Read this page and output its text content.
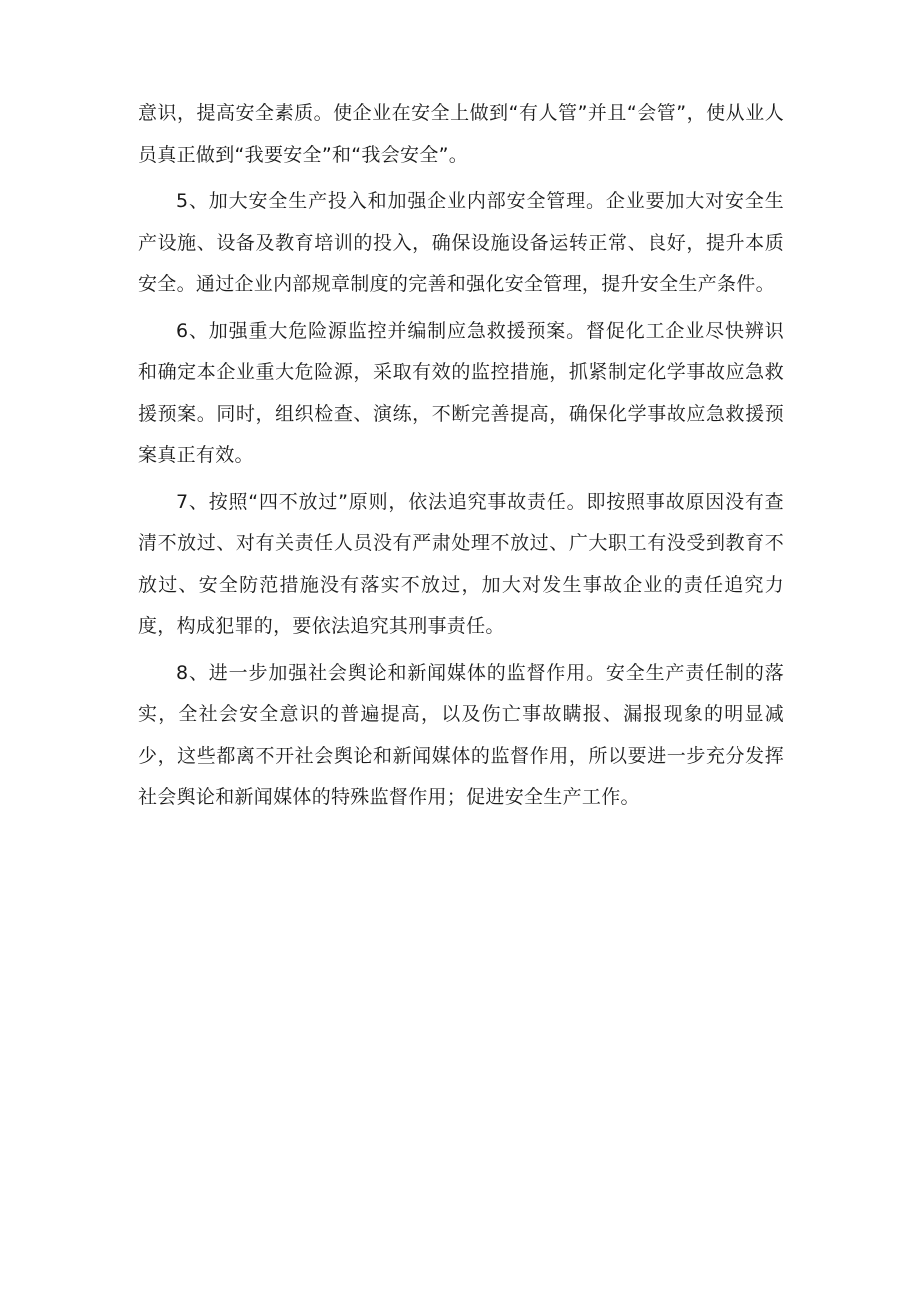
意识，提高安全素质。使企业在安全上做到“有人管”并且“会管”，使从业人员真正做到“我要安全”和“我会安全”。

5、加大安全生产投入和加强企业内部安全管理。企业要加大对安全生产设施、设备及教育培训的投入，确保设施设备运转正常、良好，提升本质安全。通过企业内部规章制度的完善和强化安全管理，提升安全生产条件。

6、加强重大危险源监控并编制应急救援预案。督促化工企业尽快辨识和确定本企业重大危险源，采取有效的监控措施，抓紧制定化学事故应急救援预案。同时，组织检查、演练，不断完善提高，确保化学事故应急救援预案真正有效。

7、按照“四不放过”原则，依法追究事故责任。即按照事故原因没有查清不放过、对有关责任人员没有严肃处理不放过、广大职工有没受到教育不放过、安全防范措施没有落实不放过，加大对发生事故企业的责任追究力度，构成犯罪的，要依法追究其刑事责任。

8、进一步加强社会舆论和新闻媒体的监督作用。安全生产责任制的落实，全社会安全意识的普遍提高，以及伤亡事故瞒报、漏报现象的明显减少，这些都离不开社会舆论和新闻媒体的监督作用，所以要进一步充分发挥社会舆论和新闻媒体的特殊监督作用；促进安全生产工作。
